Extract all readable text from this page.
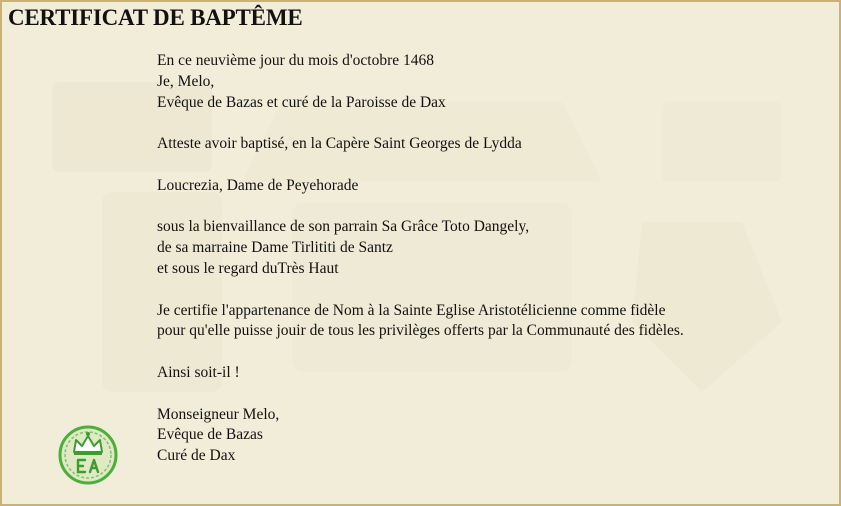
CERTIFICAT DE BAPTÊME

En ce neuvième jour du mois d'octobre 1468
Je, Melo,
Evêque de Bazas et curé de la Paroisse de Dax

Atteste avoir baptisé, en la Capère Saint Georges de Lydda

Loucrezia, Dame de Peyehorade

sous la bienvaillance de son parrain Sa Grâce Toto Dangely,
de sa marraine Dame Tirlititi de Santz
et sous le regard duTrès Haut

Je certifie l'appartenance de Nom à la Sainte Eglise Aristotélicienne comme fidèle
pour qu'elle puisse jouir de tous les privilèges offerts par la Communauté des fidèles.

Ainsi soit-il !

Monseigneur Melo,
Evêque de Bazas
Curé de Dax
